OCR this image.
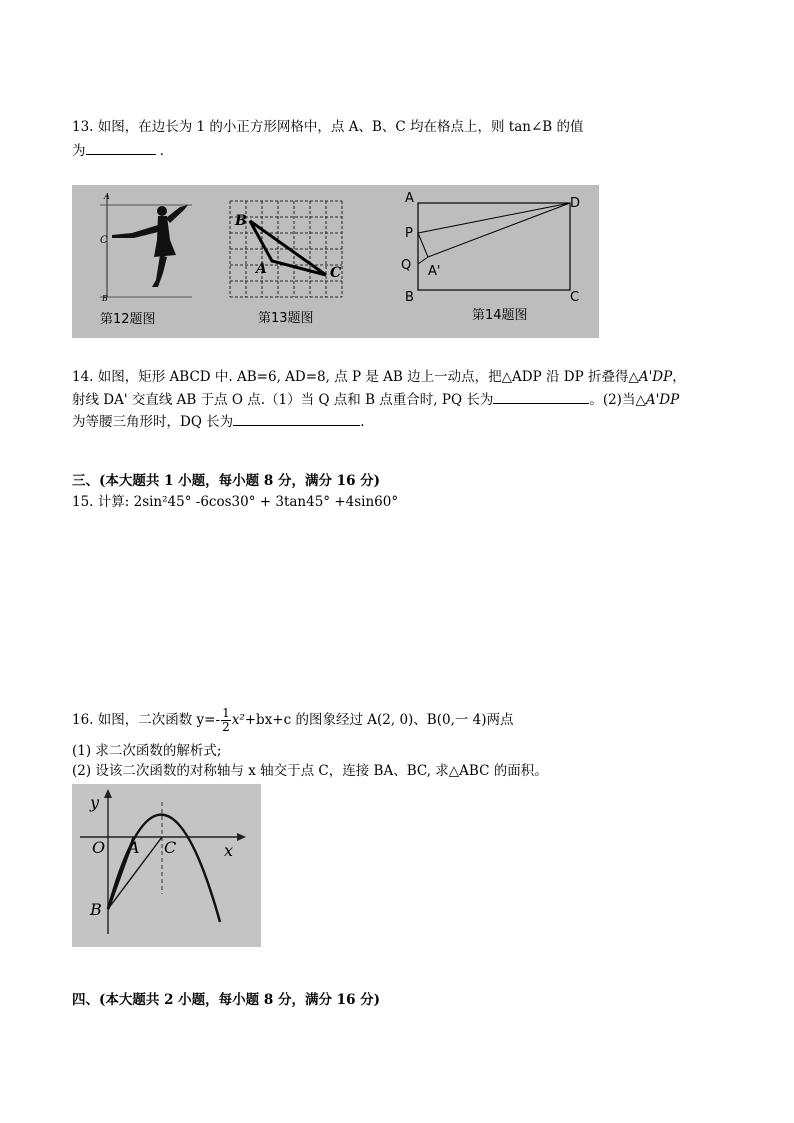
13. 如图，在边长为 1 的小正方形网格中，点 A、B、C 均在格点上，则 tan∠B 的值
为	．
A
C
B
第12题图
B
A	C
第13题图
A	D
P
Q A'
B	C
第14题图
14. 如图，矩形 ABCD 中. AB=6, AD=8, 点 P 是 AB 边上一动点，把△ADP 沿 DP 折叠得△A'DP，
射线 DA' 交直线 AB 于点 O 点.（1）当 Q 点和 B 点重合时, PQ 长为	。(2)当△A'DP
为等腰三角形时，DQ 长为	.
三、(本大题共 1 小题，每小题 8 分，满分 16 分)
15. 计算: 2sin²45° -6cos30° + 3tan45° +4sin60°
16. 如图，二次函数 $y=- \frac{1}{2} x^2+bx+c$ 的图象经过 A(2, 0)、B(0,一 4)两点
(1) 求二次函数的解析式;
(2) 设该二次函数的对称轴与 x 轴交于点 C，连接 BA、BC, 求△ABC 的面积。
y
O A C	x
B
四、(本大题共 2 小题，每小题 8 分，满分 16 分)
